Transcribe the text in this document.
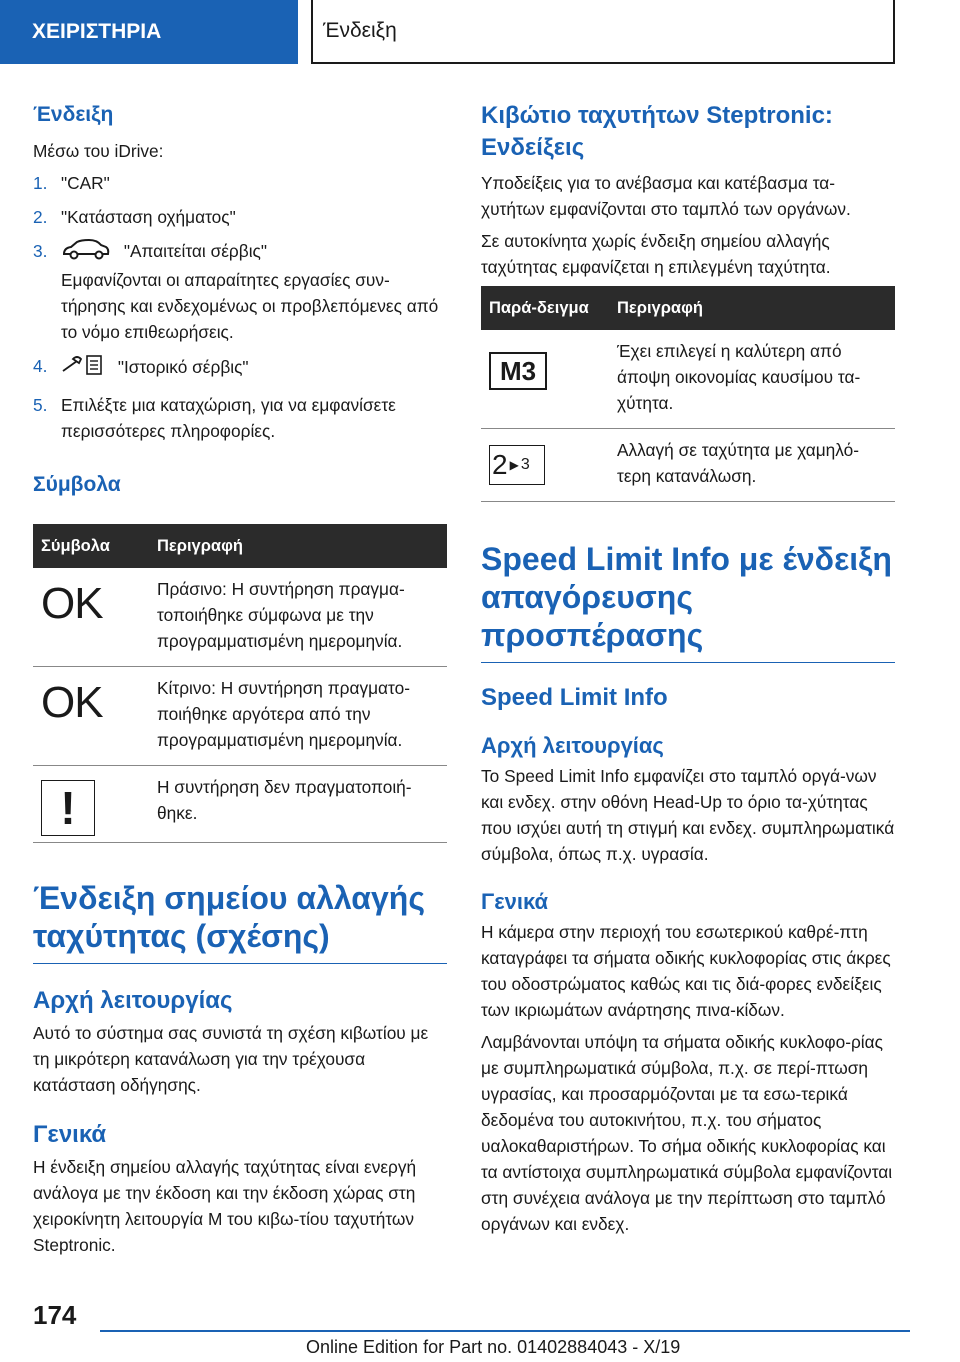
ΧΕΙΡΙΣΤΗΡΙΑ	Ένδειξη
Ένδειξη

Μέσω του iDrive:

1. "CAR"
2. "Κατάσταση οχήματος"
3.	"Απαιτείται σέρβις"
Εμφανίζονται οι απαραίτητες εργασίες συν-τήρησης και ενδεχομένως οι προβλεπόμενες από το νόμο επιθεωρήσεις.
4.	"Ιστορικό σέρβις"
5. Επιλέξτε μια καταχώριση, για να εμφανίσετε περισσότερες πληροφορίες.
Σύμβολα
Σύμβολα	Περιγραφή
OK	Πράσινο: Η συντήρηση πραγμα-τοποιήθηκε σύμφωνα με την προγραμματισμένη ημερομηνία.
OK	Κίτρινο: Η συντήρηση πραγματο-ποιήθηκε αργότερα από την προγραμματισμένη ημερομηνία.
!	Η συντήρηση δεν πραγματοποιή-θηκε.
Ένδειξη σημείου αλλαγής ταχύτητας (σχέσης)
Αρχή λειτουργίας

Αυτό το σύστημα σας συνιστά τη σχέση κιβωτίου με τη μικρότερη κατανάλωση για την τρέχουσα κατάσταση οδήγησης.

Γενικά

Η ένδειξη σημείου αλλαγής ταχύτητας είναι ενεργή ανάλογα με την έκδοση και την έκδοση χώρας στη χειροκίνητη λειτουργία M του κιβω-τίου ταχυτήτων Steptronic.

Κιβώτιο ταχυτήτων Steptronic: Ενδείξεις

Υποδείξεις για το ανέβασμα και κατέβασμα τα-χυτήτων εμφανίζονται στο ταμπλό των οργάνων.

Σε αυτοκίνητα χωρίς ένδειξη σημείου αλλαγής ταχύτητας εμφανίζεται η επιλεγμένη ταχύτητα.

Παρά-δειγμα	Περιγραφή
M3	Έχει επιλεγεί η καλύτερη από άποψη οικονομίας καυσίμου τα-χύτητα.

2 ▶ 3	Αλλαγή σε ταχύτητα με χαμηλό-τερη κατανάλωση.
Speed Limit Info με ένδειξη απαγόρευσης προσπέρασης
Speed Limit Info
Αρχή λειτουργίας

Το Speed Limit Info εμφανίζει στο ταμπλό οργά-νων και ενδεχ. στην οθόνη Head-Up το όριο τα-χύτητας που ισχύει αυτή τη στιγμή και ενδεχ. συμπληρωματικά σύμβολα, όπως π.χ. υγρασία.

Γενικά

Η κάμερα στην περιοχή του εσωτερικού καθρέ-πτη καταγράφει τα σήματα οδικής κυκλοφορίας στις άκρες του οδοστρώματος καθώς και τις διά-φορες ενδείξεις των ικριωμάτων ανάρτησης πινα-κίδων.

Λαμβάνονται υπόψη τα σήματα οδικής κυκλοφο-ρίας με συμπληρωματικά σύμβολα, π.χ. σε περί-πτωση υγρασίας, και προσαρμόζονται με τα εσω-τερικά δεδομένα του αυτοκινήτου, π.χ. του σήματος υαλοκαθαριστήρων. Το σήμα οδικής κυκλοφορίας και τα αντίστοιχα συμπληρωματικά σύμβολα εμφανίζονται στη συνέχεια ανάλογα με την περίπτωση στο ταμπλό οργάνων και ενδεχ.

174
Online Edition for Part no. 01402884043 - X/19
